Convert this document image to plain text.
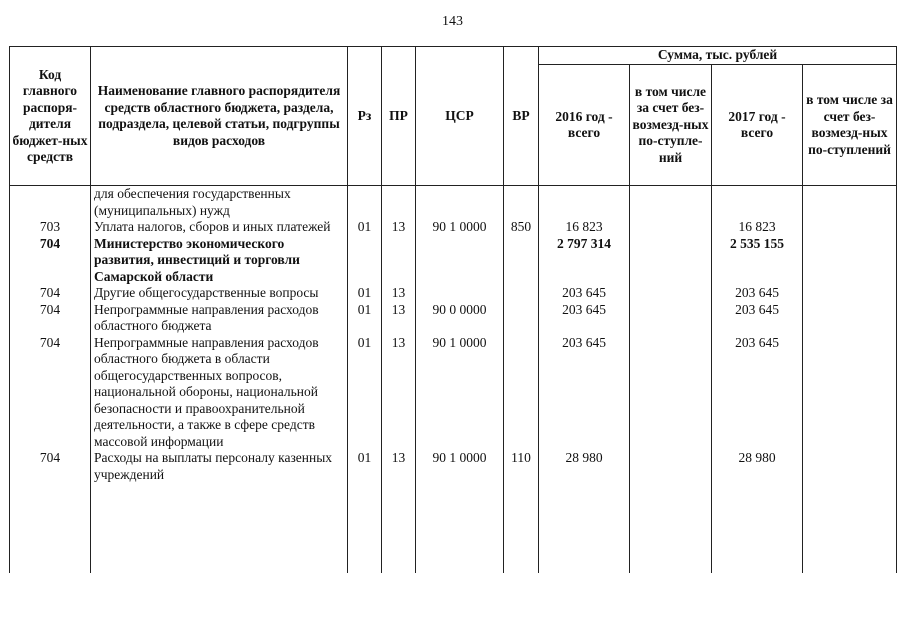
143
Код главного распоря-дителя бюджет-ных средств	Наименование главного распорядителя средств областного бюджета, раздела, подраздела, целевой статьи, подгруппы видов расходов	Рз	ПР	ЦСР	ВР	Сумма, тыс. рублей			
						2016 год - всего	в том числе за счет без-возмезд-ных по-ступле-ний	2017 год - всего	в том числе за счет без-возмезд-ных по-ступлений
	для обеспечения государственных (муниципальных) нужд								
703	Уплата налогов, сборов и иных платежей	01	13	90 1 0000	850	16 823		16 823	
704	Министерство экономического развития, инвестиций и торговли Самарской области					2 797 314		2 535 155	
704	Другие общегосударственные вопросы	01	13			203 645		203 645	
704	Непрограммные направления расходов областного бюджета	01	13	90 0 0000		203 645		203 645	
704	Непрограммные направления расходов областного бюджета в области общегосударственных вопросов, национальной обороны, национальной безопасности и правоохранительной деятельности, а также в сфере средств массовой информации	01	13	90 1 0000		203 645		203 645	
704	Расходы на выплаты персоналу казенных учреждений	01	13	90 1 0000	110	28 980		28 980	
